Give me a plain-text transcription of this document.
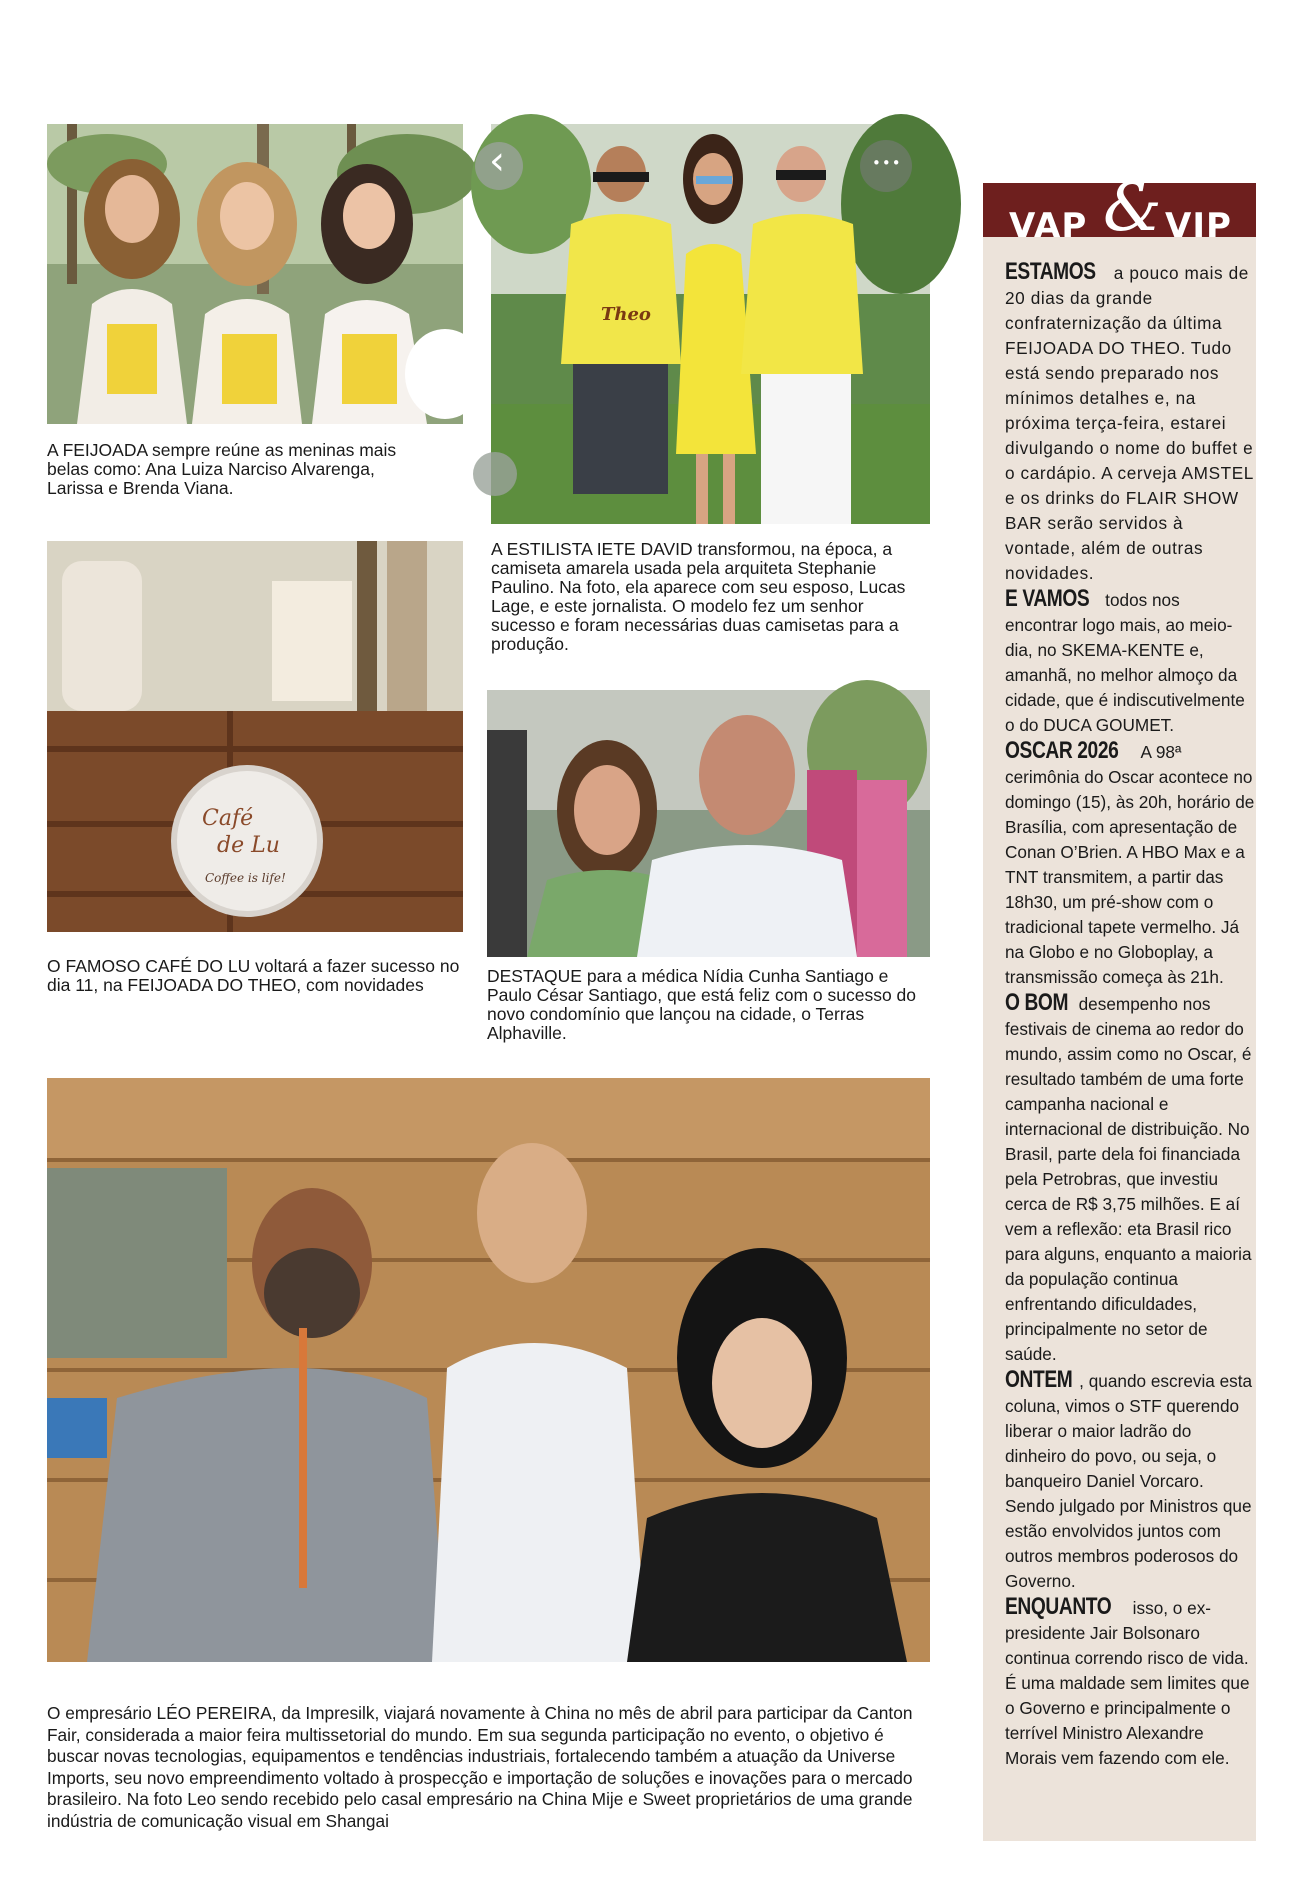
A FEIJOADA sempre reúne as meninas mais belas como: Ana Luiza Narciso Alvarenga, Larissa e Brenda Viana.
‹	•••
Theo
A ESTILISTA IETE DAVID transformou, na época, a camiseta amarela usada pela arquiteta Stephanie Paulino. Na foto, ela aparece com seu esposo, Lucas Lage, e este jornalista. O modelo fez um senhor sucesso e foram necessárias duas camisetas para a produção.
Café
de Lu
Coffee is life!
O FAMOSO CAFÉ DO LU voltará a fazer sucesso no dia 11, na FEIJOADA DO THEO, com novidades	DESTAQUE para a médica Nídia Cunha Santiago e Paulo César Santiago, que está feliz com o sucesso do novo condomínio que lançou na cidade, o Terras Alphaville.
O empresário LÉO PEREIRA, da Impresilk, viajará novamente à China no mês de abril para participar da Canton Fair, considerada a maior feira multissetorial do mundo. Em sua segunda participação no evento, o objetivo é buscar novas tecnologias, equipamentos e tendências industriais, fortalecendo também a atuação da Universe Imports, seu novo empreendimento voltado à prospecção e importação de soluções e inovações para o mercado brasileiro. Na foto Leo sendo recebido pelo casal empresário na China Mije e Sweet proprietários de uma grande indústria de comunicação visual em Shangai
VAP & VIP

ESTAMOS a pouco mais de 20 dias da grande confraternização da última FEIJOADA DO THEO. Tudo está sendo preparado nos mínimos detalhes e, na próxima terça-feira, estarei divulgando o nome do buffet e o cardápio. A cerveja AMSTEL e os drinks do FLAIR SHOW BAR serão servidos à vontade, além de outras novidades.

E VAMOS todos nos encontrar logo mais, ao meio-dia, no SKEMA-KENTE e, amanhã, no melhor almoço da cidade, que é indiscutivelmente o do DUCA GOUMET.

OSCAR 2026 A 98ª cerimônia do Oscar acontece no domingo (15), às 20h, horário de Brasília, com apresentação de Conan O’Brien. A HBO Max e a TNT transmitem, a partir das 18h30, um pré-show com o tradicional tapete vermelho. Já na Globo e no Globoplay, a transmissão começa às 21h.

O BOM desempenho nos festivais de cinema ao redor do mundo, assim como no Oscar, é resultado também de uma forte campanha nacional e internacional de distribuição. No Brasil, parte dela foi financiada pela Petrobras, que investiu cerca de R$ 3,75 milhões. E aí vem a reflexão: eta Brasil rico para alguns, enquanto a maioria da população continua enfrentando dificuldades, principalmente no setor de saúde.

ONTEM , quando escrevia esta coluna, vimos o STF querendo liberar o maior ladrão do dinheiro do povo, ou seja, o banqueiro Daniel Vorcaro. Sendo julgado por Ministros que estão envolvidos juntos com outros membros poderosos do Governo.

ENQUANTO isso, o ex-presidente Jair Bolsonaro continua correndo risco de vida. É uma maldade sem limites que o Governo e principalmente o terrível Ministro Alexandre Morais vem fazendo com ele.
